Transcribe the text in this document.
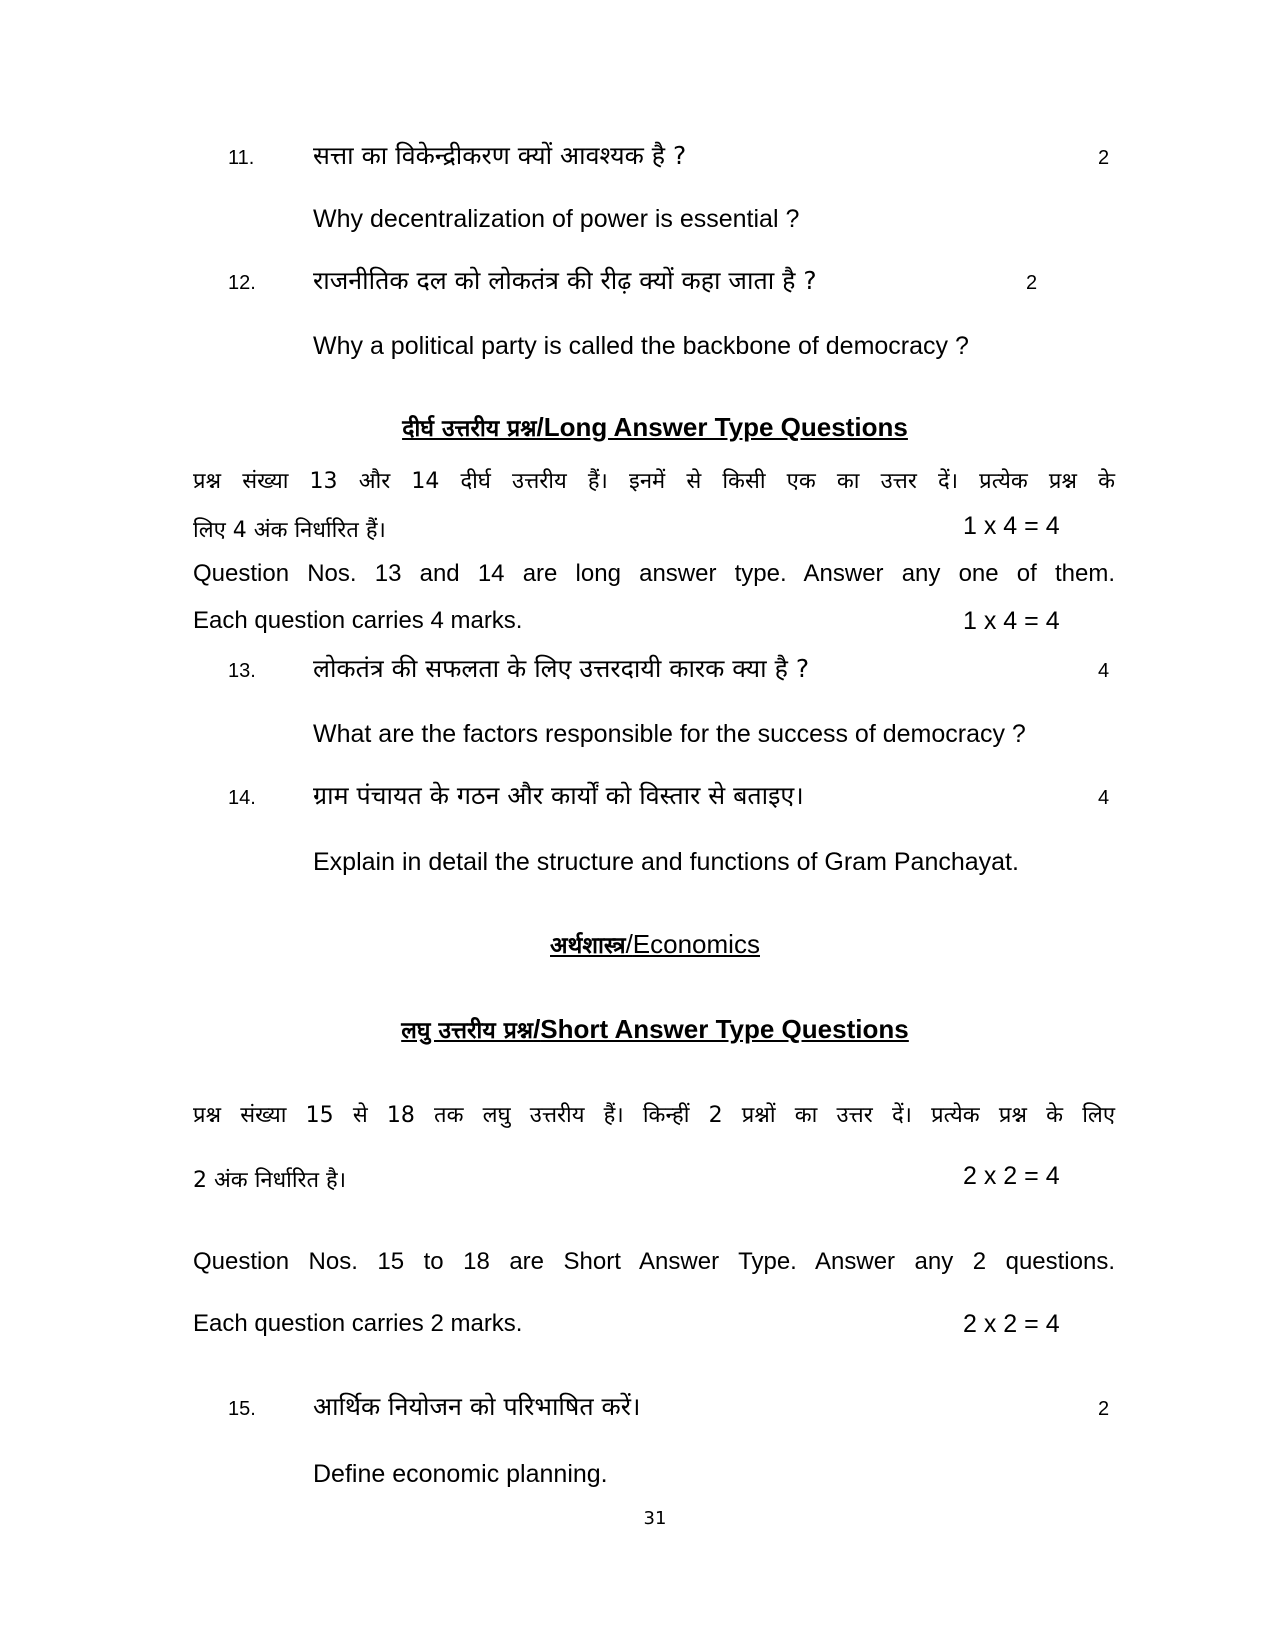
11. सत्ता का विकेन्द्रीकरण क्यों आवश्यक है ?	2
Why decentralization of power is essential ?
12. राजनीतिक दल को लोकतंत्र की रीढ़ क्यों कहा जाता है ?	2
Why a political party is called the backbone of democracy ?
दीर्घ उत्तरीय प्रश्न/Long Answer Type Questions
प्रश्न संख्या 13 और 14 दीर्घ उत्तरीय हैं। इनमें से किसी एक का उत्तर दें। प्रत्येक प्रश्न के
लिए 4 अंक निर्धारित हैं।	1 x 4 = 4
Question Nos. 13 and 14 are long answer type. Answer any one of them.
Each question carries 4 marks.	1 x 4 = 4
13. लोकतंत्र की सफलता के लिए उत्तरदायी कारक क्या है ?	4
What are the factors responsible for the success of democracy ?
14. ग्राम पंचायत के गठन और कार्यों को विस्तार से बताइए।	4
Explain in detail the structure and functions of Gram Panchayat.
अर्थशास्त्र/Economics
लघु उत्तरीय प्रश्न/Short Answer Type Questions
प्रश्न संख्या 15 से 18 तक लघु उत्तरीय हैं। किन्हीं 2 प्रश्नों का उत्तर दें। प्रत्येक प्रश्न के लिए
2 अंक निर्धारित है।	2 x 2 = 4
Question Nos. 15 to 18 are Short Answer Type. Answer any 2 questions.
Each question carries 2 marks.	2 x 2 = 4
15. आर्थिक नियोजन को परिभाषित करें।	2
Define economic planning.
31
